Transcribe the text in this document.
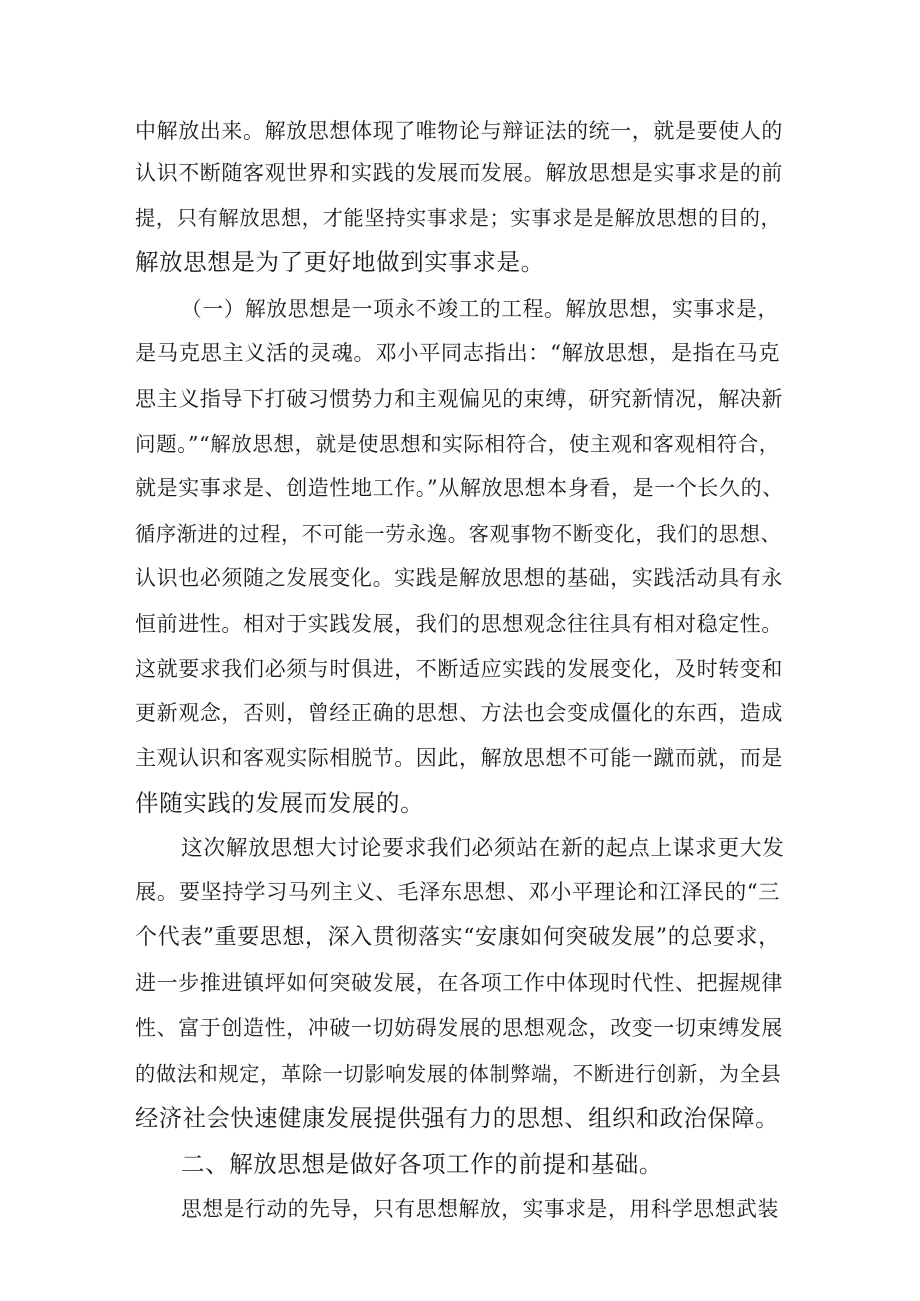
中解放出来。解放思想体现了唯物论与辩证法的统一，就是要使人的
认识不断随客观世界和实践的发展而发展。解放思想是实事求是的前
提，只有解放思想，才能坚持实事求是；实事求是是解放思想的目的，
解放思想是为了更好地做到实事求是。
（一）解放思想是一项永不竣工的工程。解放思想，实事求是，
是马克思主义活的灵魂。邓小平同志指出：“解放思想，是指在马克
思主义指导下打破习惯势力和主观偏见的束缚，研究新情况，解决新
问题。”“解放思想，就是使思想和实际相符合，使主观和客观相符合，
就是实事求是、创造性地工作。”从解放思想本身看，是一个长久的、
循序渐进的过程，不可能一劳永逸。客观事物不断变化，我们的思想、
认识也必须随之发展变化。实践是解放思想的基础，实践活动具有永
恒前进性。相对于实践发展，我们的思想观念往往具有相对稳定性。
这就要求我们必须与时俱进，不断适应实践的发展变化，及时转变和
更新观念，否则，曾经正确的思想、方法也会变成僵化的东西，造成
主观认识和客观实际相脱节。因此，解放思想不可能一蹴而就，而是
伴随实践的发展而发展的。
这次解放思想大讨论要求我们必须站在新的起点上谋求更大发
展。要坚持学习马列主义、毛泽东思想、邓小平理论和江泽民的“三
个代表”重要思想，深入贯彻落实“安康如何突破发展”的总要求，
进一步推进镇坪如何突破发展，在各项工作中体现时代性、把握规律
性、富于创造性，冲破一切妨碍发展的思想观念，改变一切束缚发展
的做法和规定，革除一切影响发展的体制弊端，不断进行创新，为全县
经济社会快速健康发展提供强有力的思想、组织和政治保障。
二、解放思想是做好各项工作的前提和基础。
思想是行动的先导，只有思想解放，实事求是，用科学思想武装
